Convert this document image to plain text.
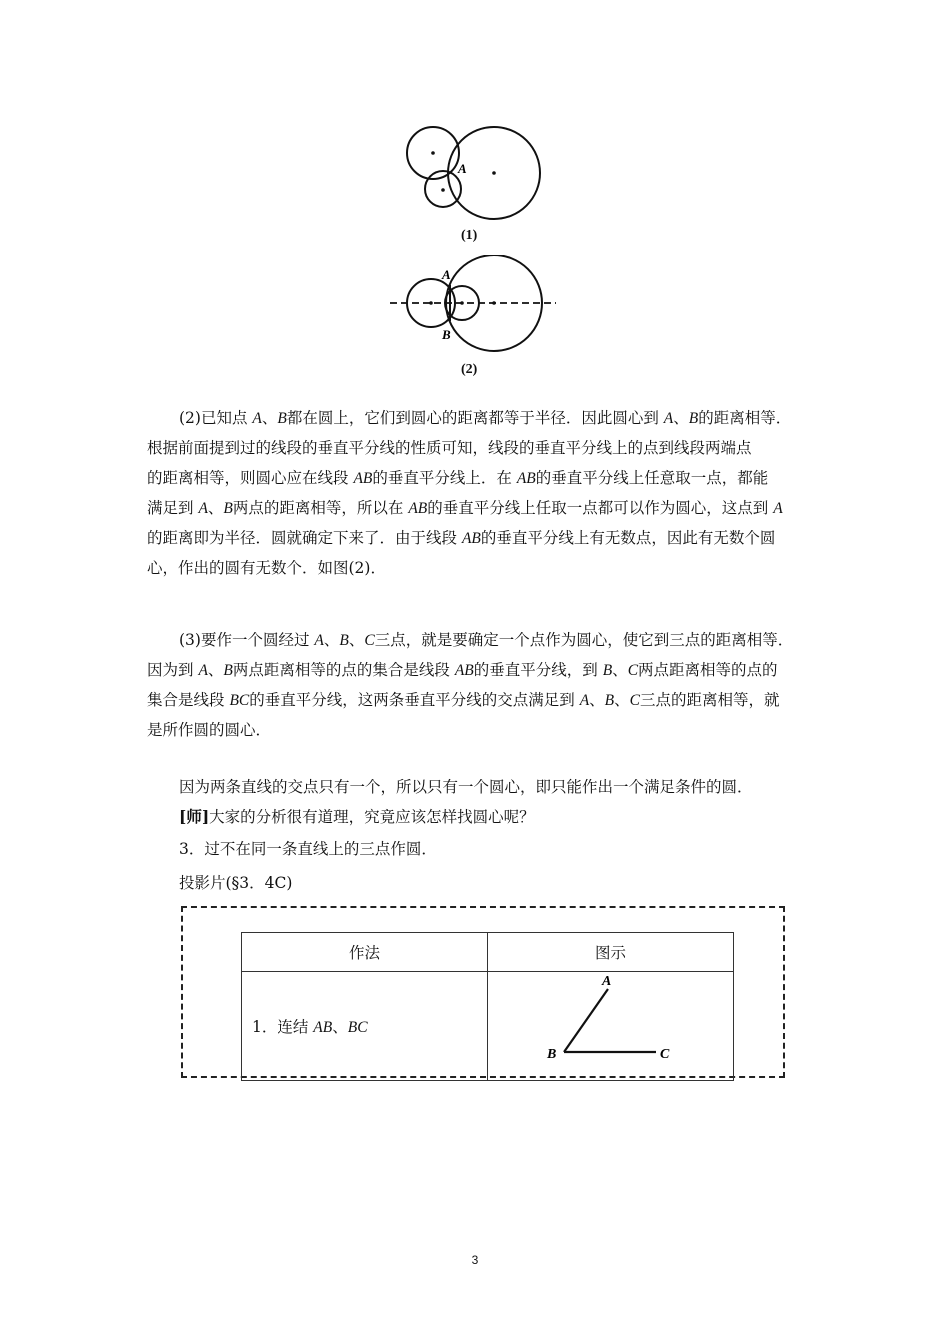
A
(1)
A
B
(2)
(2)已知点 A、B都在圆上，它们到圆心的距离都等于半径．因此圆心到 A、B的距离相等．
根据前面提到过的线段的垂直平分线的性质可知，线段的垂直平分线上的点到线段两端点
的距离相等，则圆心应在线段 AB的垂直平分线上．在 AB的垂直平分线上任意取一点，都能
满足到 A、B两点的距离相等，所以在 AB的垂直平分线上任取一点都可以作为圆心，这点到 A
的距离即为半径．圆就确定下来了．由于线段 AB的垂直平分线上有无数点，因此有无数个圆
心，作出的圆有无数个．如图(2)．
(3)要作一个圆经过 A、B、C三点，就是要确定一个点作为圆心，使它到三点的距离相等．
因为到 A、B两点距离相等的点的集合是线段 AB的垂直平分线，到 B、C两点距离相等的点的
集合是线段 BC的垂直平分线，这两条垂直平分线的交点满足到 A、B、C三点的距离相等，就
是所作圆的圆心．
因为两条直线的交点只有一个，所以只有一个圆心，即只能作出一个满足条件的圆．
[师]大家的分析很有道理，究竟应该怎样找圆心呢？
3．过不在同一条直线上的三点作圆．
投影片(§3．4C)
作法	图示
1．连结 AB、BC	A
B C
3
